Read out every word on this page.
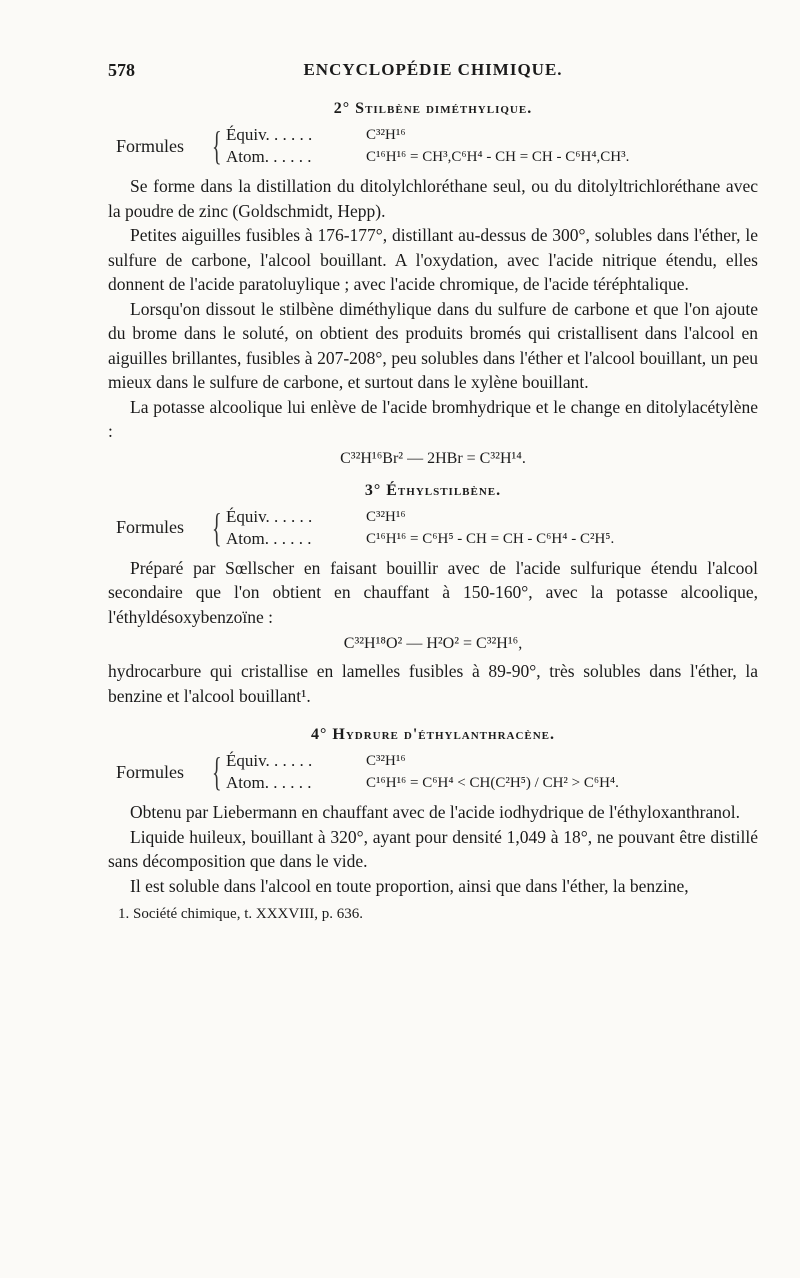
578	ENCYCLOPÉDIE CHIMIQUE.
2° Stilbène diméthylique.
Formules { Équiv. . . . . .	C³²H¹⁶
Atom. . . . . .	C¹⁶H¹⁶ = CH³,C⁶H⁴ - CH = CH - C⁶H⁴,CH³.

Se forme dans la distillation du ditolylchloréthane seul, ou du ditolyltrichloréthane avec la poudre de zinc (Goldschmidt, Hepp).

Petites aiguilles fusibles à 176-177°, distillant au-dessus de 300°, solubles dans l'éther, le sulfure de carbone, l'alcool bouillant. A l'oxydation, avec l'acide nitrique étendu, elles donnent de l'acide paratoluylique ; avec l'acide chromique, de l'acide téréphtalique.

Lorsqu'on dissout le stilbène diméthylique dans du sulfure de carbone et que l'on ajoute du brome dans le soluté, on obtient des produits bromés qui cristallisent dans l'alcool en aiguilles brillantes, fusibles à 207-208°, peu solubles dans l'éther et l'alcool bouillant, un peu mieux dans le sulfure de carbone, et surtout dans le xylène bouillant.

La potasse alcoolique lui enlève de l'acide bromhydrique et le change en ditolylacétylène :

C³²H¹⁶Br² — 2HBr = C³²H¹⁴.
3° Éthylstilbène.
Formules { Équiv. . . . . .	C³²H¹⁶
Atom. . . . . .	C¹⁶H¹⁶ = C⁶H⁵ - CH = CH - C⁶H⁴ - C²H⁵.

Préparé par Sœllscher en faisant bouillir avec de l'acide sulfurique étendu l'alcool secondaire que l'on obtient en chauffant à 150-160°, avec la potasse alcoolique, l'éthyldésoxybenzoïne :

C³²H¹⁸O² — H²O² = C³²H¹⁶,

hydrocarbure qui cristallise en lamelles fusibles à 89-90°, très solubles dans l'éther, la benzine et l'alcool bouillant¹.

4° Hydrure d'éthylanthracène.
Formules { Équiv. . . . . .	C³²H¹⁶
Atom. . . . . .	C¹⁶H¹⁶ = C⁶H⁴ < CH(C²H⁵) / CH² > C⁶H⁴.

Obtenu par Liebermann en chauffant avec de l'acide iodhydrique de l'éthyloxanthranol.

Liquide huileux, bouillant à 320°, ayant pour densité 1,049 à 18°, ne pouvant être distillé sans décomposition que dans le vide.

Il est soluble dans l'alcool en toute proportion, ainsi que dans l'éther, la benzine,

1. Société chimique, t. XXXVIII, p. 636.
